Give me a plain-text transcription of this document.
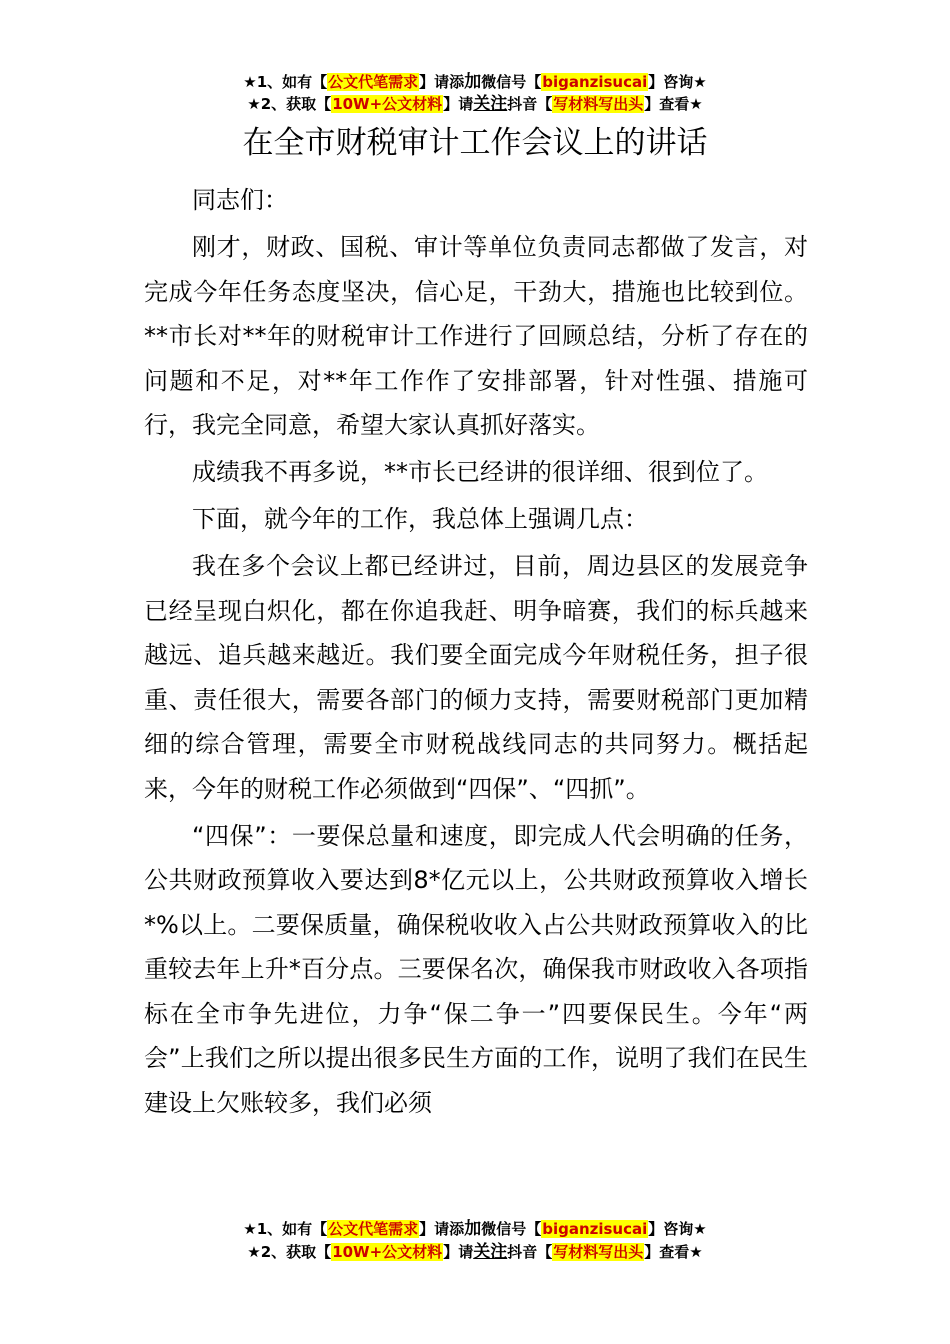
★1、如有【公文代笔需求】请添加微信号【biganzisucai】咨询★
★2、获取【10W+公文材料】请关注抖音【写材料写出头】查看★
在全市财税审计工作会议上的讲话

同志们：

刚才，财政、国税、审计等单位负责同志都做了发言，对完成今年任务态度坚决，信心足，干劲大，措施也比较到位。**市长对**年的财税审计工作进行了回顾总结，分析了存在的问题和不足，对**年工作作了安排部署，针对性强、措施可行，我完全同意，希望大家认真抓好落实。

成绩我不再多说，**市长已经讲的很详细、很到位了。

下面，就今年的工作，我总体上强调几点：

我在多个会议上都已经讲过，目前，周边县区的发展竞争已经呈现白炽化，都在你追我赶、明争暗赛，我们的标兵越来越远、追兵越来越近。我们要全面完成今年财税任务，担子很重、责任很大，需要各部门的倾力支持，需要财税部门更加精细的综合管理，需要全市财税战线同志的共同努力。概括起来，今年的财税工作必须做到“四保”、“四抓”。

“四保”：一要保总量和速度，即完成人代会明确的任务，公共财政预算收入要达到8*亿元以上，公共财政预算收入增长*%以上。二要保质量，确保税收收入占公共财政预算收入的比重较去年上升*百分点。三要保名次，确保我市财政收入各项指标在全市争先进位，力争“保二争一”四要保民生。今年“两会”上我们之所以提出很多民生方面的工作，说明了我们在民生建设上欠账较多，我们必须

★1、如有【公文代笔需求】请添加微信号【biganzisucai】咨询★
★2、获取【10W+公文材料】请关注抖音【写材料写出头】查看★
